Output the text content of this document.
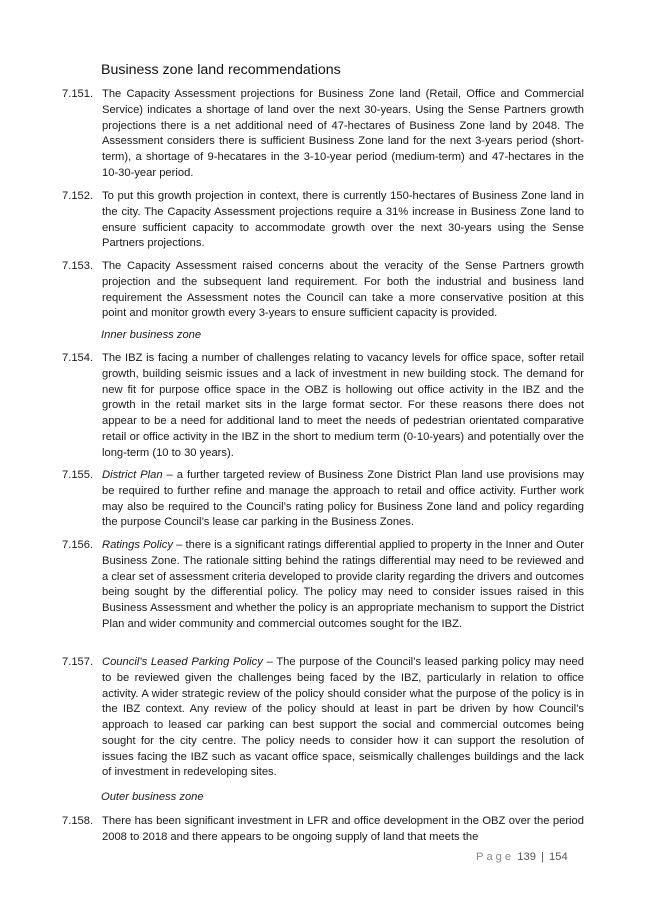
Business zone land recommendations
7.151. The Capacity Assessment projections for Business Zone land (Retail, Office and Commercial Service) indicates a shortage of land over the next 30-years. Using the Sense Partners growth projections there is a net additional need of 47-hectares of Business Zone land by 2048. The Assessment considers there is sufficient Business Zone land for the next 3-years period (short-term), a shortage of 9-hecatares in the 3-10-year period (medium-term) and 47-hectares in the 10-30-year period.
7.152. To put this growth projection in context, there is currently 150-hectares of Business Zone land in the city. The Capacity Assessment projections require a 31% increase in Business Zone land to ensure sufficient capacity to accommodate growth over the next 30-years using the Sense Partners projections.
7.153. The Capacity Assessment raised concerns about the veracity of the Sense Partners growth projection and the subsequent land requirement. For both the industrial and business land requirement the Assessment notes the Council can take a more conservative position at this point and monitor growth every 3-years to ensure sufficient capacity is provided.
Inner business zone
7.154. The IBZ is facing a number of challenges relating to vacancy levels for office space, softer retail growth, building seismic issues and a lack of investment in new building stock. The demand for new fit for purpose office space in the OBZ is hollowing out office activity in the IBZ and the growth in the retail market sits in the large format sector. For these reasons there does not appear to be a need for additional land to meet the needs of pedestrian orientated comparative retail or office activity in the IBZ in the short to medium term (0-10-years) and potentially over the long-term (10 to 30 years).
7.155. District Plan – a further targeted review of Business Zone District Plan land use provisions may be required to further refine and manage the approach to retail and office activity. Further work may also be required to the Council’s rating policy for Business Zone land and policy regarding the purpose Council’s lease car parking in the Business Zones.
7.156. Ratings Policy – there is a significant ratings differential applied to property in the Inner and Outer Business Zone. The rationale sitting behind the ratings differential may need to be reviewed and a clear set of assessment criteria developed to provide clarity regarding the drivers and outcomes being sought by the differential policy. The policy may need to consider issues raised in this Business Assessment and whether the policy is an appropriate mechanism to support the District Plan and wider community and commercial outcomes sought for the IBZ.
7.157. Council’s Leased Parking Policy – The purpose of the Council’s leased parking policy may need to be reviewed given the challenges being faced by the IBZ, particularly in relation to office activity. A wider strategic review of the policy should consider what the purpose of the policy is in the IBZ context. Any review of the policy should at least in part be driven by how Council’s approach to leased car parking can best support the social and commercial outcomes being sought for the city centre. The policy needs to consider how it can support the resolution of issues facing the IBZ such as vacant office space, seismically challenges buildings and the lack of investment in redeveloping sites.
Outer business zone
7.158. There has been significant investment in LFR and office development in the OBZ over the period 2008 to 2018 and there appears to be ongoing supply of land that meets the
Page 139 | 154
